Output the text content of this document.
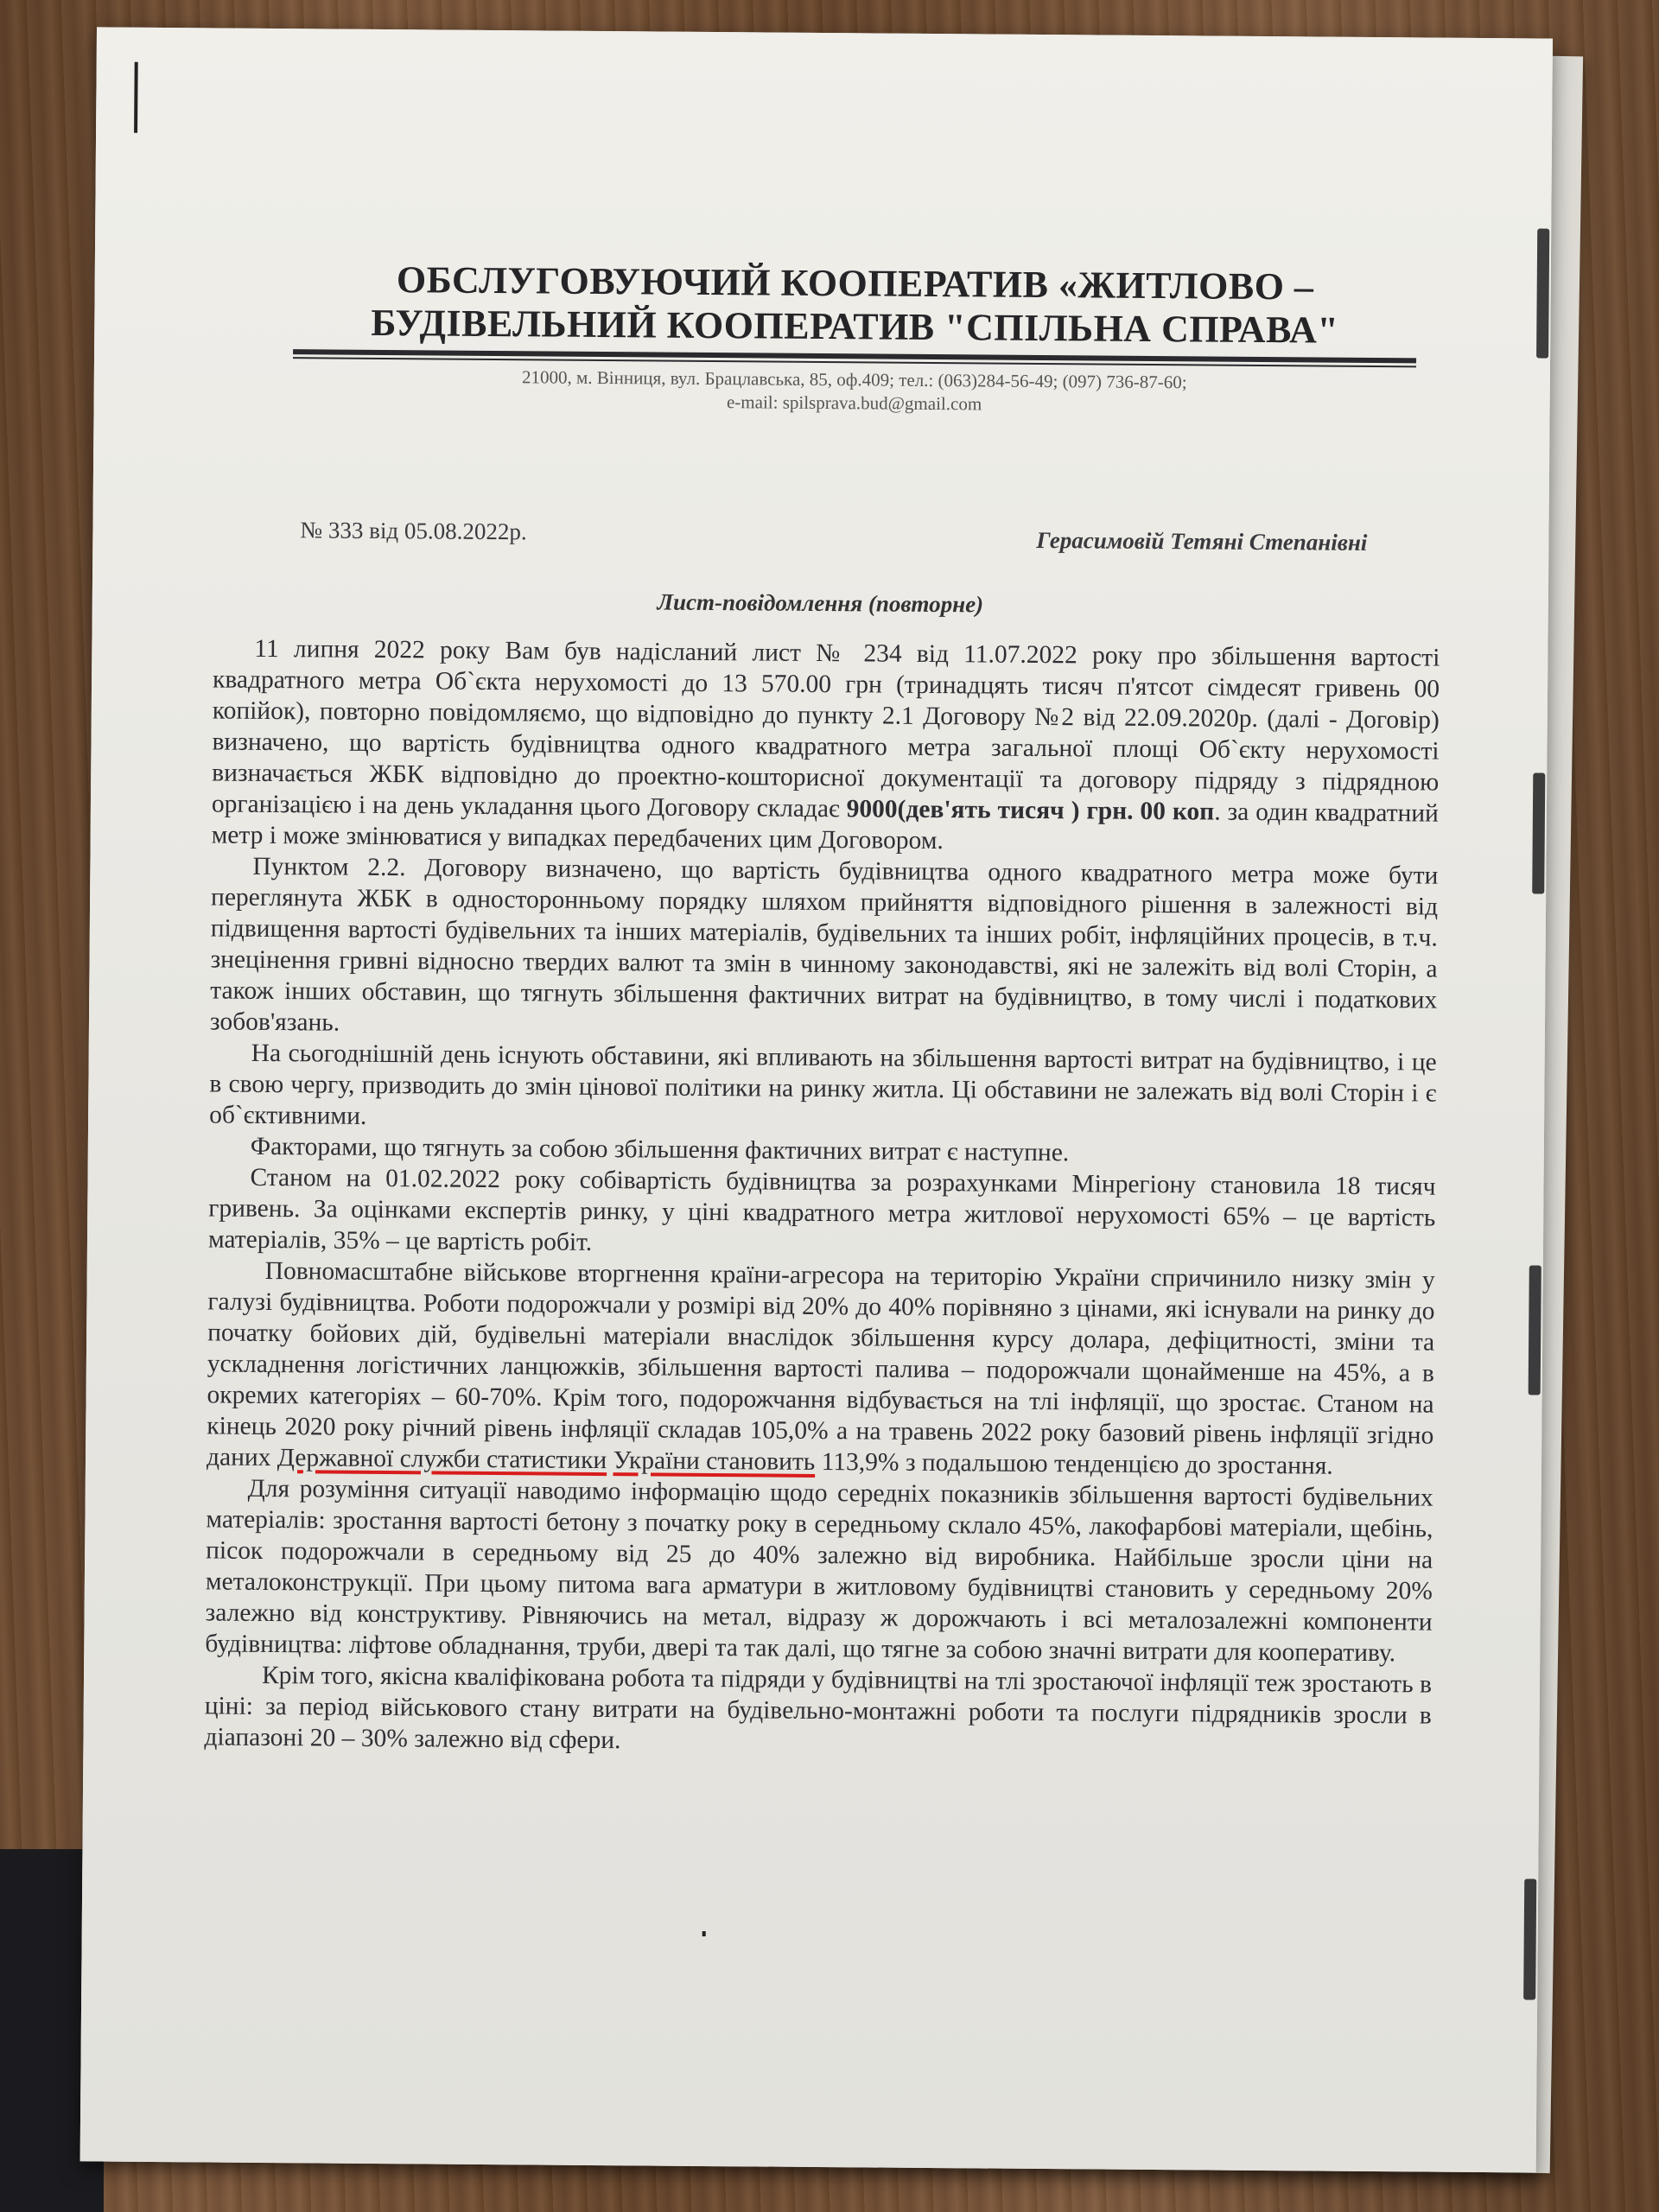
ОБСЛУГОВУЮЧИЙ КООПЕРАТИВ «ЖИТЛОВО –
БУДІВЕЛЬНИЙ КООПЕРАТИВ "СПІЛЬНА СПРАВА"
21000, м. Вінниця, вул. Брацлавська, 85, оф.409; тел.: (063)284-56-49; (097) 736-87-60;
e-mail: spilsprava.bud@gmail.com
№ 333 від 05.08.2022р.	Герасимовій Тетяні Степанівні
Лист-повідомлення (повторне)

11 липня 2022 року Вам був надісланий лист № 234 від 11.07.2022 року про збільшення вартості квадратного метра Об`єкта нерухомості до 13 570.00 грн (тринадцять тисяч п'ятсот сімдесят гривень 00 копійок), повторно повідомляємо, що відповідно до пункту 2.1 Договору №2 від 22.09.2020р. (далі - Договір) визначено, що вартість будівництва одного квадратного метра загальної площі Об`єкту нерухомості визначається ЖБК відповідно до проектно-кошторисної документації та договору підряду з підрядною організацією і на день укладання цього Договору складає 9000(дев'ять тисяч ) грн. 00 коп. за один квадратний метр і може змінюватися у випадках передбачених цим Договором.

Пунктом 2.2. Договору визначено, що вартість будівництва одного квадратного метра може бути переглянута ЖБК в односторонньому порядку шляхом прийняття відповідного рішення в залежності від підвищення вартості будівельних та інших матеріалів, будівельних та інших робіт, інфляційних процесів, в т.ч. знецінення гривні відносно твердих валют та змін в чинному законодавстві, які не залежіть від волі Сторін, а також інших обставин, що тягнуть збільшення фактичних витрат на будівництво, в тому числі і податкових зобов'язань.

На сьогоднішній день існують обставини, які впливають на збільшення вартості витрат на будівництво, і це в свою чергу, призводить до змін цінової політики на ринку житла. Ці обставини не залежать від волі Сторін і є об`єктивними.

Факторами, що тягнуть за собою збільшення фактичних витрат є наступне.

Станом на 01.02.2022 року собівартість будівництва за розрахунками Мінрегіону становила 18 тисяч гривень. За оцінками експертів ринку, у ціні квадратного метра житлової нерухомості 65% – це вартість матеріалів, 35% – це вартість робіт.

Повномасштабне військове вторгнення країни-агресора на територію України спричинило низку змін у галузі будівництва. Роботи подорожчали у розмірі від 20% до 40% порівняно з цінами, які існували на ринку до початку бойових дій, будівельні матеріали внаслідок збільшення курсу долара, дефіцитності, зміни та ускладнення логістичних ланцюжків, збільшення вартості палива – подорожчали щонайменше на 45%, а в окремих категоріях – 60-70%. Крім того, подорожчання відбувається на тлі інфляції, що зростає. Станом на кінець 2020 року річний рівень інфляції складав 105,0% а на травень 2022 року базовий рівень інфляції згідно даних Державної служби статистики України становить 113,9% з подальшою тенденцією до зростання.

Для розуміння ситуації наводимо інформацію щодо середніх показників збільшення вартості будівельних матеріалів: зростання вартості бетону з початку року в середньому склало 45%, лакофарбові матеріали, щебінь, пісок подорожчали в середньому від 25 до 40% залежно від виробника. Найбільше зросли ціни на металоконструкції. При цьому питома вага арматури в житловому будівництві становить у середньому 20% залежно від конструктиву. Рівняючись на метал, відразу ж дорожчають і всі металозалежні компоненти будівництва: ліфтове обладнання, труби, двері та так далі, що тягне за собою значні витрати для кооперативу.

Крім того, якісна кваліфікована робота та підряди у будівництві на тлі зростаючої інфляції теж зростають в ціні: за період військового стану витрати на будівельно-монтажні роботи та послуги підрядників зросли в діапазоні 20 – 30% залежно від сфери.
